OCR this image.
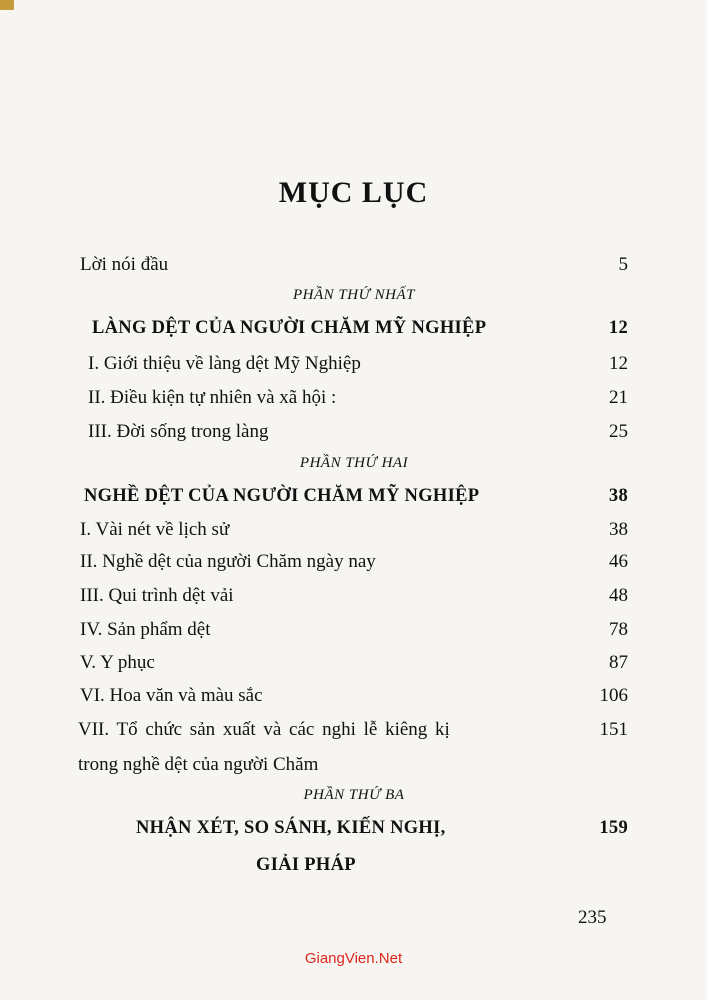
MỤC LỤC
Lời nói đầu	5
PHẦN THỨ NHẤT
LÀNG DỆT CỦA NGƯỜI CHĂM MỸ NGHIỆP	12
I. Giới thiệu về làng dệt Mỹ Nghiệp	12
II. Điều kiện tự nhiên và xã hội :	21
III. Đời sống trong làng	25
PHẦN THỨ HAI
NGHỀ DỆT CỦA NGƯỜI CHĂM MỸ NGHIỆP	38
I. Vài nét về lịch sử	38
II. Nghề dệt của người Chăm ngày nay	46
III. Qui trình dệt vải	48
IV. Sản phẩm dệt	78
V. Y phục	87
VI. Hoa văn và màu sắc	106
VII. Tổ chức sản xuất và các nghi lễ kiêng kị	151
trong nghề dệt của người Chăm
PHẦN THỨ BA
NHẬN XÉT, SO SÁNH, KIẾN NGHỊ,	159
GIẢI PHÁP
235
GiangVien.Net
